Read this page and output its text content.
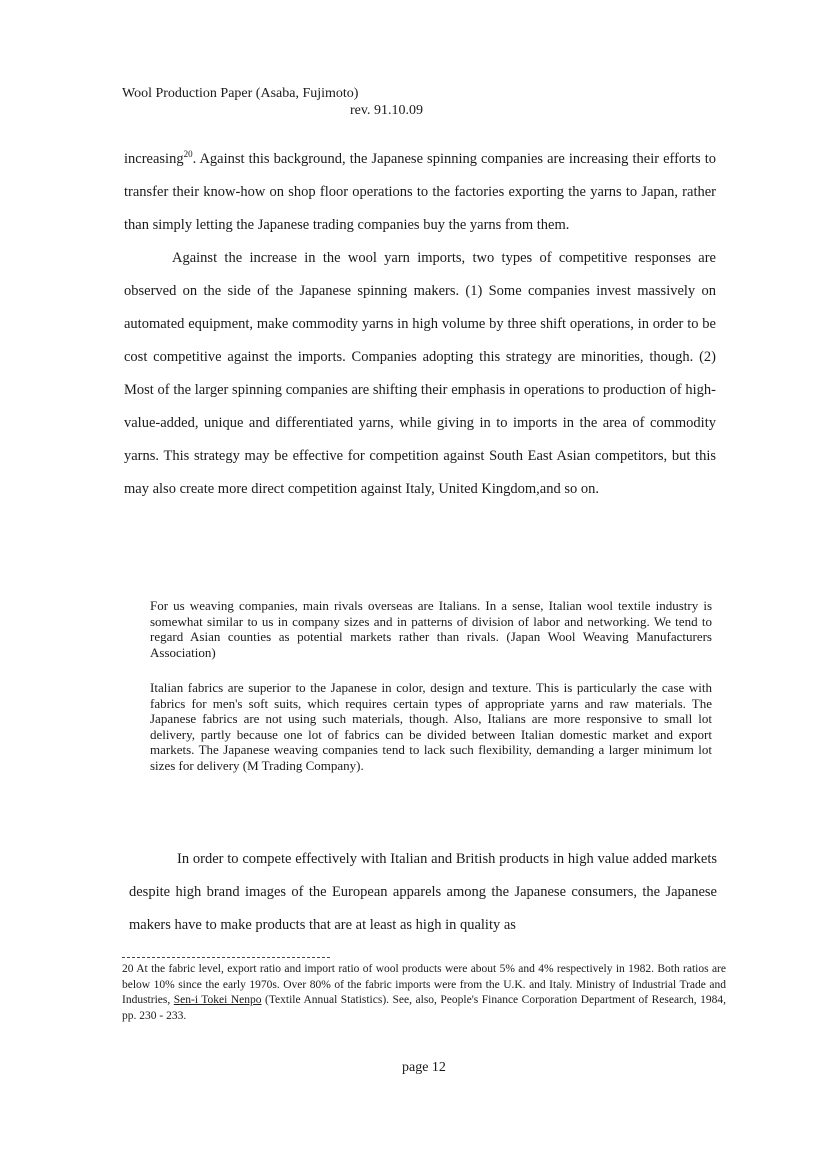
Wool Production Paper (Asaba, Fujimoto)
rev. 91.10.09

increasing$^{20}$. Against this background, the Japanese spinning companies are increasing their efforts to transfer their know-how on shop floor operations to the factories exporting the yarns to Japan, rather than simply letting the Japanese trading companies buy the yarns from them.

Against the increase in the wool yarn imports, two types of competitive responses are observed on the side of the Japanese spinning makers. (1) Some companies invest massively on automated equipment, make commodity yarns in high volume by three shift operations, in order to be cost competitive against the imports. Companies adopting this strategy are minorities, though. (2) Most of the larger spinning companies are shifting their emphasis in operations to production of high-value-added, unique and differentiated yarns, while giving in to imports in the area of commodity yarns. This strategy may be effective for competition against South East Asian competitors, but this may also create more direct competition against Italy, United Kingdom,and so on.

For us weaving companies, main rivals overseas are Italians. In a sense, Italian wool textile industry is somewhat similar to us in company sizes and in patterns of division of labor and networking. We tend to regard Asian counties as potential markets rather than rivals. (Japan Wool Weaving Manufacturers Association)
Italian fabrics are superior to the Japanese in color, design and texture. This is particularly the case with fabrics for men's soft suits, which requires certain types of appropriate yarns and raw materials. The Japanese fabrics are not using such materials, though. Also, Italians are more responsive to small lot delivery, partly because one lot of fabrics can be divided between Italian domestic market and export markets. The Japanese weaving companies tend to lack such flexibility, demanding a larger minimum lot sizes for delivery (M Trading Company).

In order to compete effectively with Italian and British products in high value added markets despite high brand images of the European apparels among the Japanese consumers, the Japanese makers have to make products that are at least as high in quality as

20 At the fabric level, export ratio and import ratio of wool products were about 5% and 4% respectively in 1982. Both ratios are below 10% since the early 1970s. Over 80% of the fabric imports were from the U.K. and Italy. Ministry of Industrial Trade and Industries, Sen-i Tokei Nenpo (Textile Annual Statistics). See, also, People's Finance Corporation Department of Research, 1984, pp. 230 - 233.
page 12
